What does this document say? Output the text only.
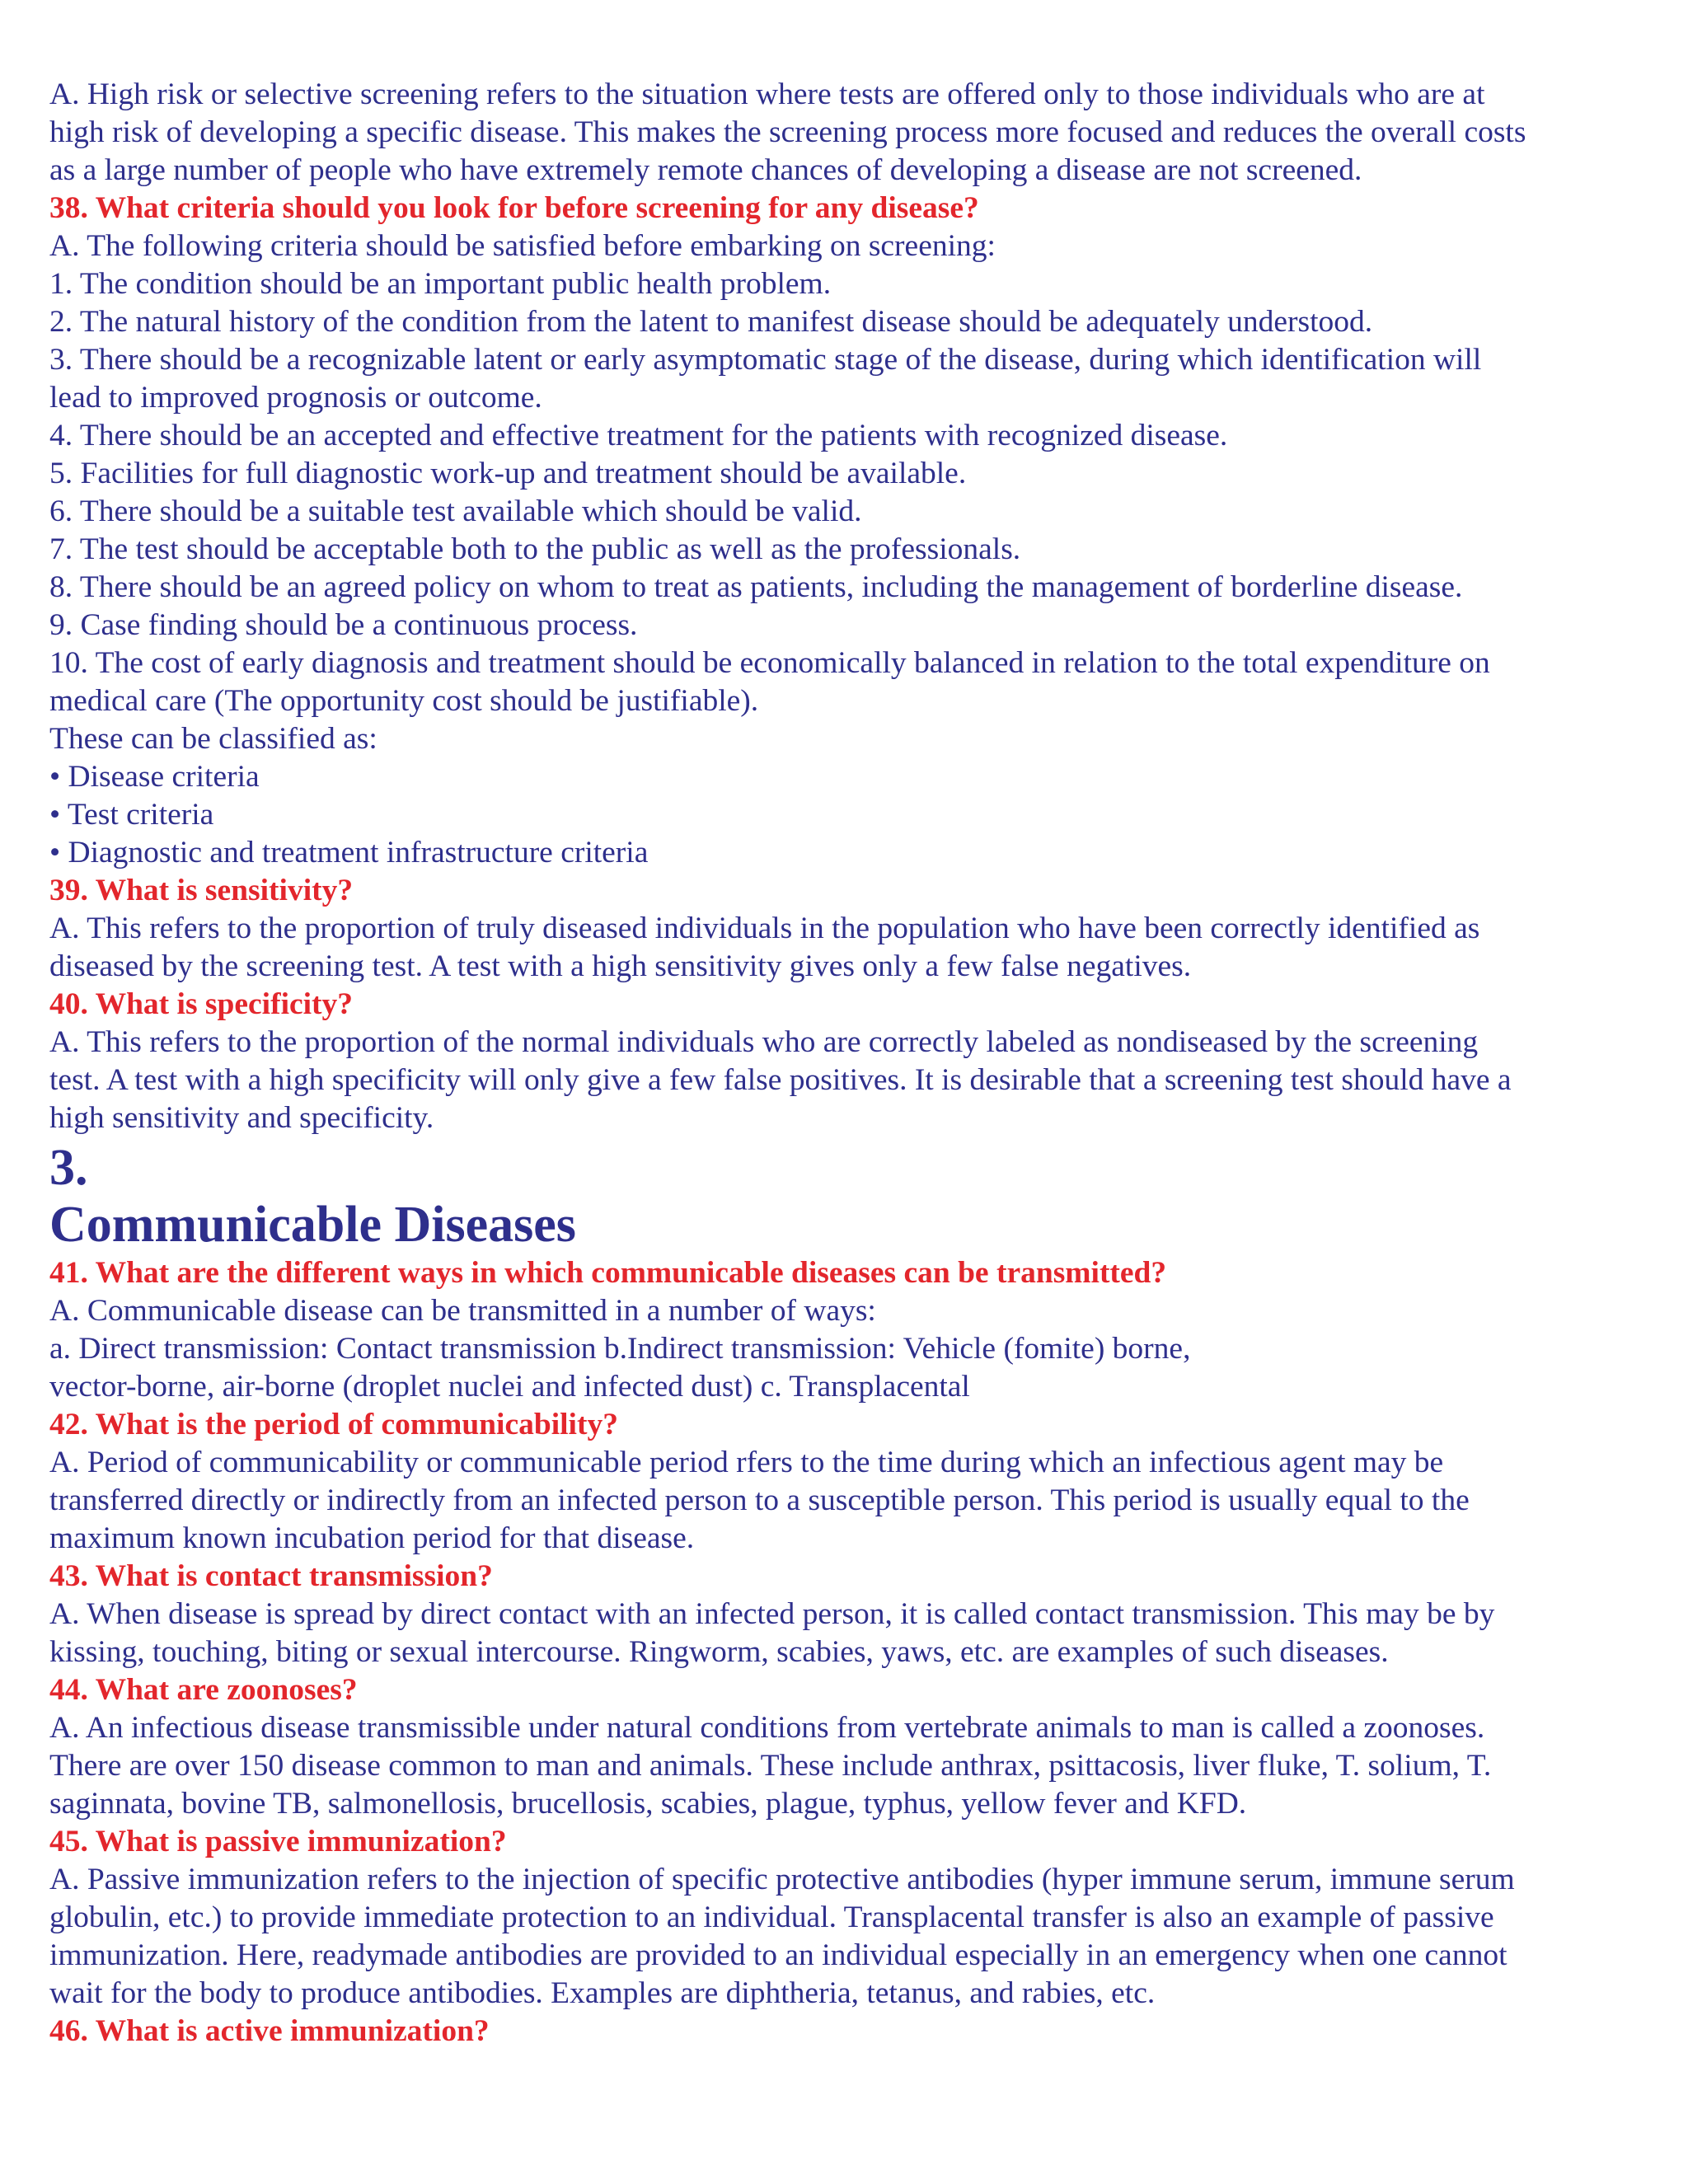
A. High risk or selective screening refers to the situation where tests are offered only to those individuals who are at
high risk of developing a specific disease. This makes the screening process more focused and reduces the overall costs
as a large number of people who have extremely remote chances of developing a disease are not screened.
38. What criteria should you look for before screening for any disease?
A. The following criteria should be satisfied before embarking on screening:
1. The condition should be an important public health problem.
2. The natural history of the condition from the latent to manifest disease should be adequately understood.
3. There should be a recognizable latent or early asymptomatic stage of the disease, during which identification will
lead to improved prognosis or outcome.
4. There should be an accepted and effective treatment for the patients with recognized disease.
5. Facilities for full diagnostic work-up and treatment should be available.
6. There should be a suitable test available which should be valid.
7. The test should be acceptable both to the public as well as the professionals.
8. There should be an agreed policy on whom to treat as patients, including the management of borderline disease.
9. Case finding should be a continuous process.
10. The cost of early diagnosis and treatment should be economically balanced in relation to the total expenditure on
medical care (The opportunity cost should be justifiable).
These can be classified as:
• Disease criteria
• Test criteria
• Diagnostic and treatment infrastructure criteria
39. What is sensitivity?
A. This refers to the proportion of truly diseased individuals in the population who have been correctly identified as
diseased by the screening test. A test with a high sensitivity gives only a few false negatives.
40. What is specificity?
A. This refers to the proportion of the normal individuals who are correctly labeled as nondiseased by the screening
test. A test with a high specificity will only give a few false positives. It is desirable that a screening test should have a
high sensitivity and specificity.
3.
Communicable Diseases
41. What are the different ways in which communicable diseases can be transmitted?
A. Communicable disease can be transmitted in a number of ways:
a. Direct transmission: Contact transmission b.Indirect transmission: Vehicle (fomite) borne,
vector-borne, air-borne (droplet nuclei and infected dust) c. Transplacental
42. What is the period of communicability?
A. Period of communicability or communicable period rfers to the time during which an infectious agent may be
transferred directly or indirectly from an infected person to a susceptible person. This period is usually equal to the
maximum known incubation period for that disease.
43. What is contact transmission?
A. When disease is spread by direct contact with an infected person, it is called contact transmission. This may be by
kissing, touching, biting or sexual intercourse. Ringworm, scabies, yaws, etc. are examples of such diseases.
44. What are zoonoses?
A. An infectious disease transmissible under natural conditions from vertebrate animals to man is called a zoonoses.
There are over 150 disease common to man and animals. These include anthrax, psittacosis, liver fluke, T. solium, T.
saginnata, bovine TB, salmonellosis, brucellosis, scabies, plague, typhus, yellow fever and KFD.
45. What is passive immunization?
A. Passive immunization refers to the injection of specific protective antibodies (hyper immune serum, immune serum
globulin, etc.) to provide immediate protection to an individual. Transplacental transfer is also an example of passive
immunization. Here, readymade antibodies are provided to an individual especially in an emergency when one cannot
wait for the body to produce antibodies. Examples are diphtheria, tetanus, and rabies, etc.
46. What is active immunization?
